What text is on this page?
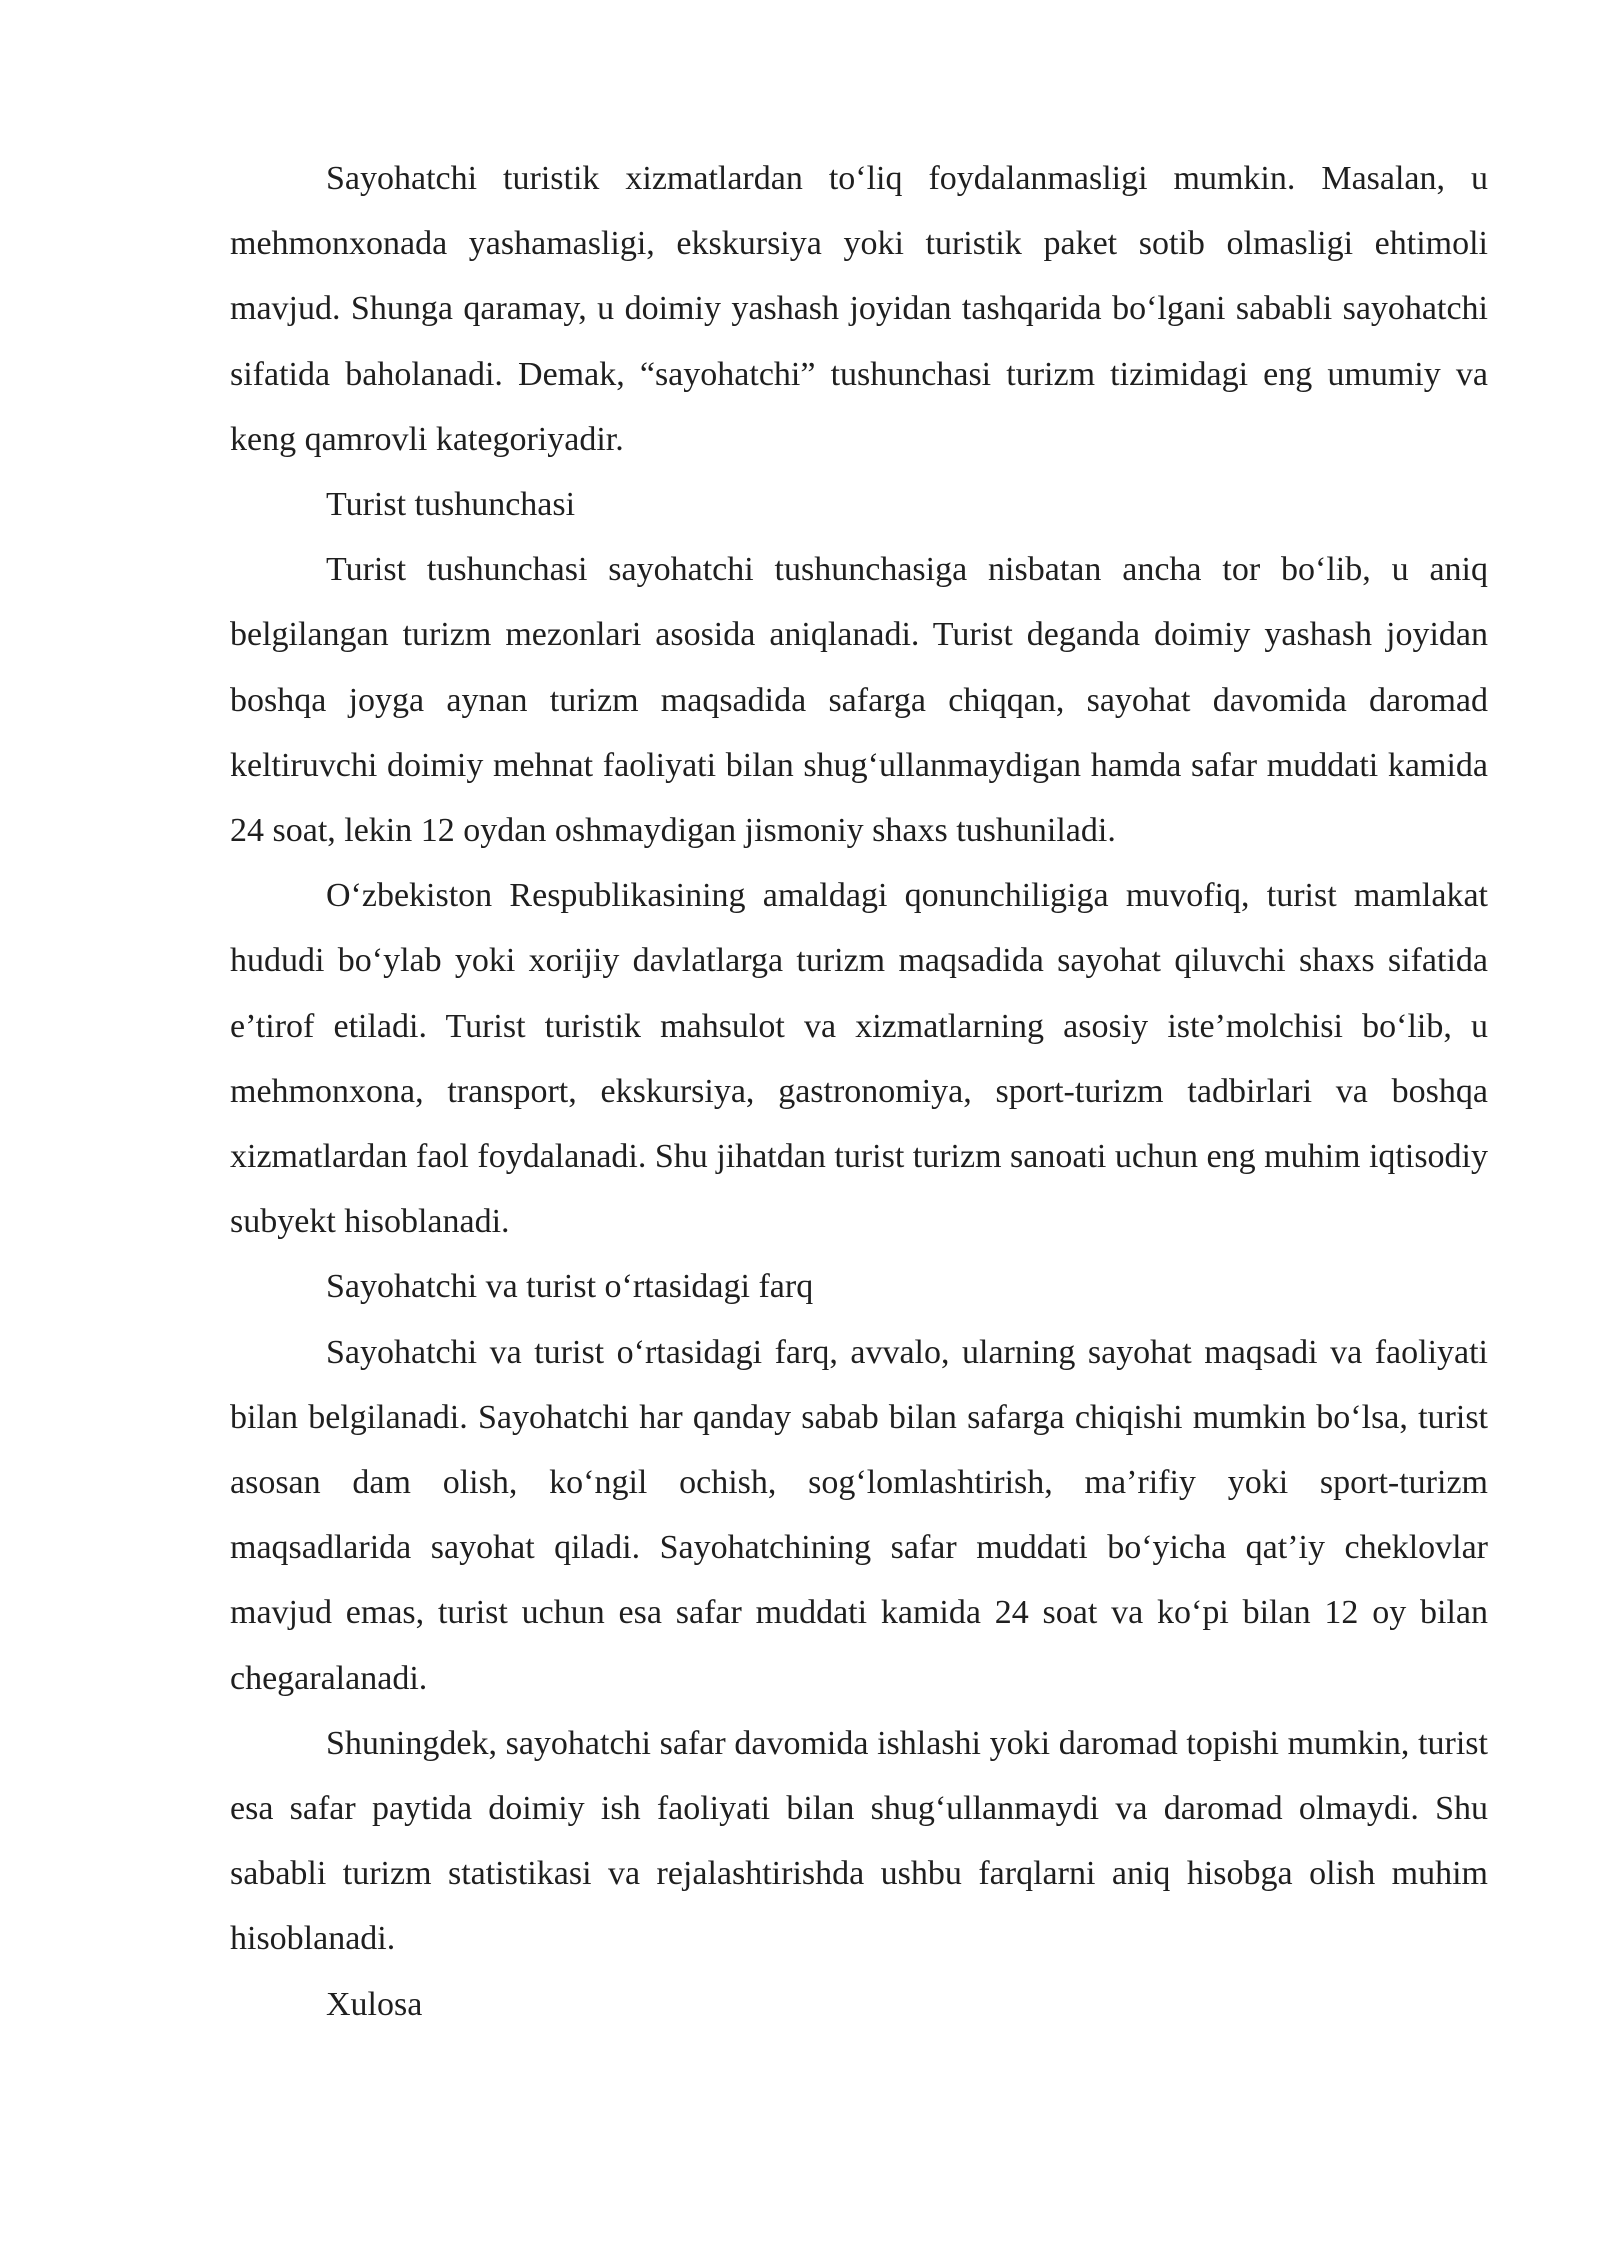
Sayohatchi turistik xizmatlardan to‘liq foydalanmasligi mumkin. Masalan, u mehmonxonada yashamasligi, ekskursiya yoki turistik paket sotib olmasligi ehtimoli mavjud. Shunga qaramay, u doimiy yashash joyidan tashqarida bo‘lgani sababli sayohatchi sifatida baholanadi. Demak, “sayohatchi” tushunchasi turizm tizimidagi eng umumiy va keng qamrovli kategoriyadir.

Turist tushunchasi

Turist tushunchasi sayohatchi tushunchasiga nisbatan ancha tor bo‘lib, u aniq belgilangan turizm mezonlari asosida aniqlanadi. Turist deganda doimiy yashash joyidan boshqa joyga aynan turizm maqsadida safarga chiqqan, sayohat davomida daromad keltiruvchi doimiy mehnat faoliyati bilan shug‘ullanmaydigan hamda safar muddati kamida 24 soat, lekin 12 oydan oshmaydigan jismoniy shaxs tushuniladi.

O‘zbekiston Respublikasining amaldagi qonunchiligiga muvofiq, turist mamlakat hududi bo‘ylab yoki xorijiy davlatlarga turizm maqsadida sayohat qiluvchi shaxs sifatida e’tirof etiladi. Turist turistik mahsulot va xizmatlarning asosiy iste’molchisi bo‘lib, u mehmonxona, transport, ekskursiya, gastronomiya, sport-turizm tadbirlari va boshqa xizmatlardan faol foydalanadi. Shu jihatdan turist turizm sanoati uchun eng muhim iqtisodiy subyekt hisoblanadi.

Sayohatchi va turist o‘rtasidagi farq

Sayohatchi va turist o‘rtasidagi farq, avvalo, ularning sayohat maqsadi va faoliyati bilan belgilanadi. Sayohatchi har qanday sabab bilan safarga chiqishi mumkin bo‘lsa, turist asosan dam olish, ko‘ngil ochish, sog‘lomlashtirish, ma’rifiy yoki sport-turizm maqsadlarida sayohat qiladi. Sayohatchining safar muddati bo‘yicha qat’iy cheklovlar mavjud emas, turist uchun esa safar muddati kamida 24 soat va ko‘pi bilan 12 oy bilan chegaralanadi.

Shuningdek, sayohatchi safar davomida ishlashi yoki daromad topishi mumkin, turist esa safar paytida doimiy ish faoliyati bilan shug‘ullanmaydi va daromad olmaydi. Shu sababli turizm statistikasi va rejalashtirishda ushbu farqlarni aniq hisobga olish muhim hisoblanadi.

Xulosa
